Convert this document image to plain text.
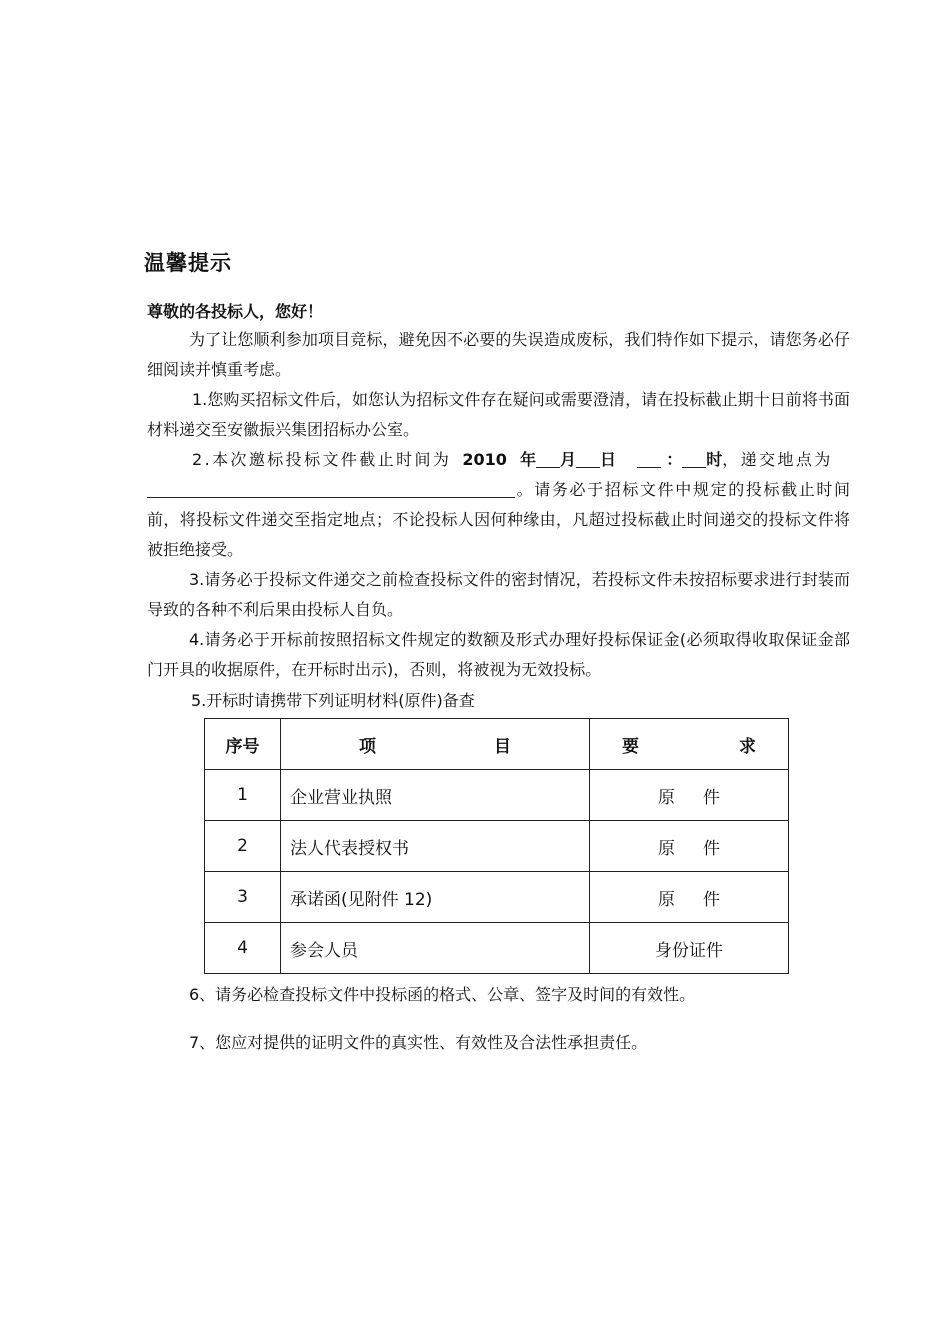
温馨提示
尊敬的各投标人，您好！
为了让您顺利参加项目竞标，避免因不必要的失误造成废标，我们特作如下提示，请您务必仔细阅读并慎重考虑。
1.您购买招标文件后，如您认为招标文件存在疑问或需要澄清，请在投标截止期十日前将书面材料递交至安徽振兴集团招标办公室。
2.本次邀标投标文件截止时间为 2010 年 月 日	： 时，递交地点为
。请务必于招标文件中规定的投标截止时间前，将投标文件递交至指定地点；不论投标人因何种缘由，凡超过投标截止时间递交的投标文件将被拒绝接受。
3.请务必于投标文件递交之前检查投标文件的密封情况，若投标文件未按招标要求进行封装而导致的各种不利后果由投标人自负。
4.请务必于开标前按照招标文件规定的数额及形式办理好投标保证金(必须取得收取保证金部门开具的收据原件，在开标时出示)，否则，将被视为无效投标。
5.开标时请携带下列证明材料(原件)备查
序号	项 目	要 求

1	企业营业执照	原 件
2	法人代表授权书	原 件
3	承诺函(见附件 12)	原 件
4	参会人员	身份证件
6、请务必检查投标文件中投标函的格式、公章、签字及时间的有效性。
7、您应对提供的证明文件的真实性、有效性及合法性承担责任。
